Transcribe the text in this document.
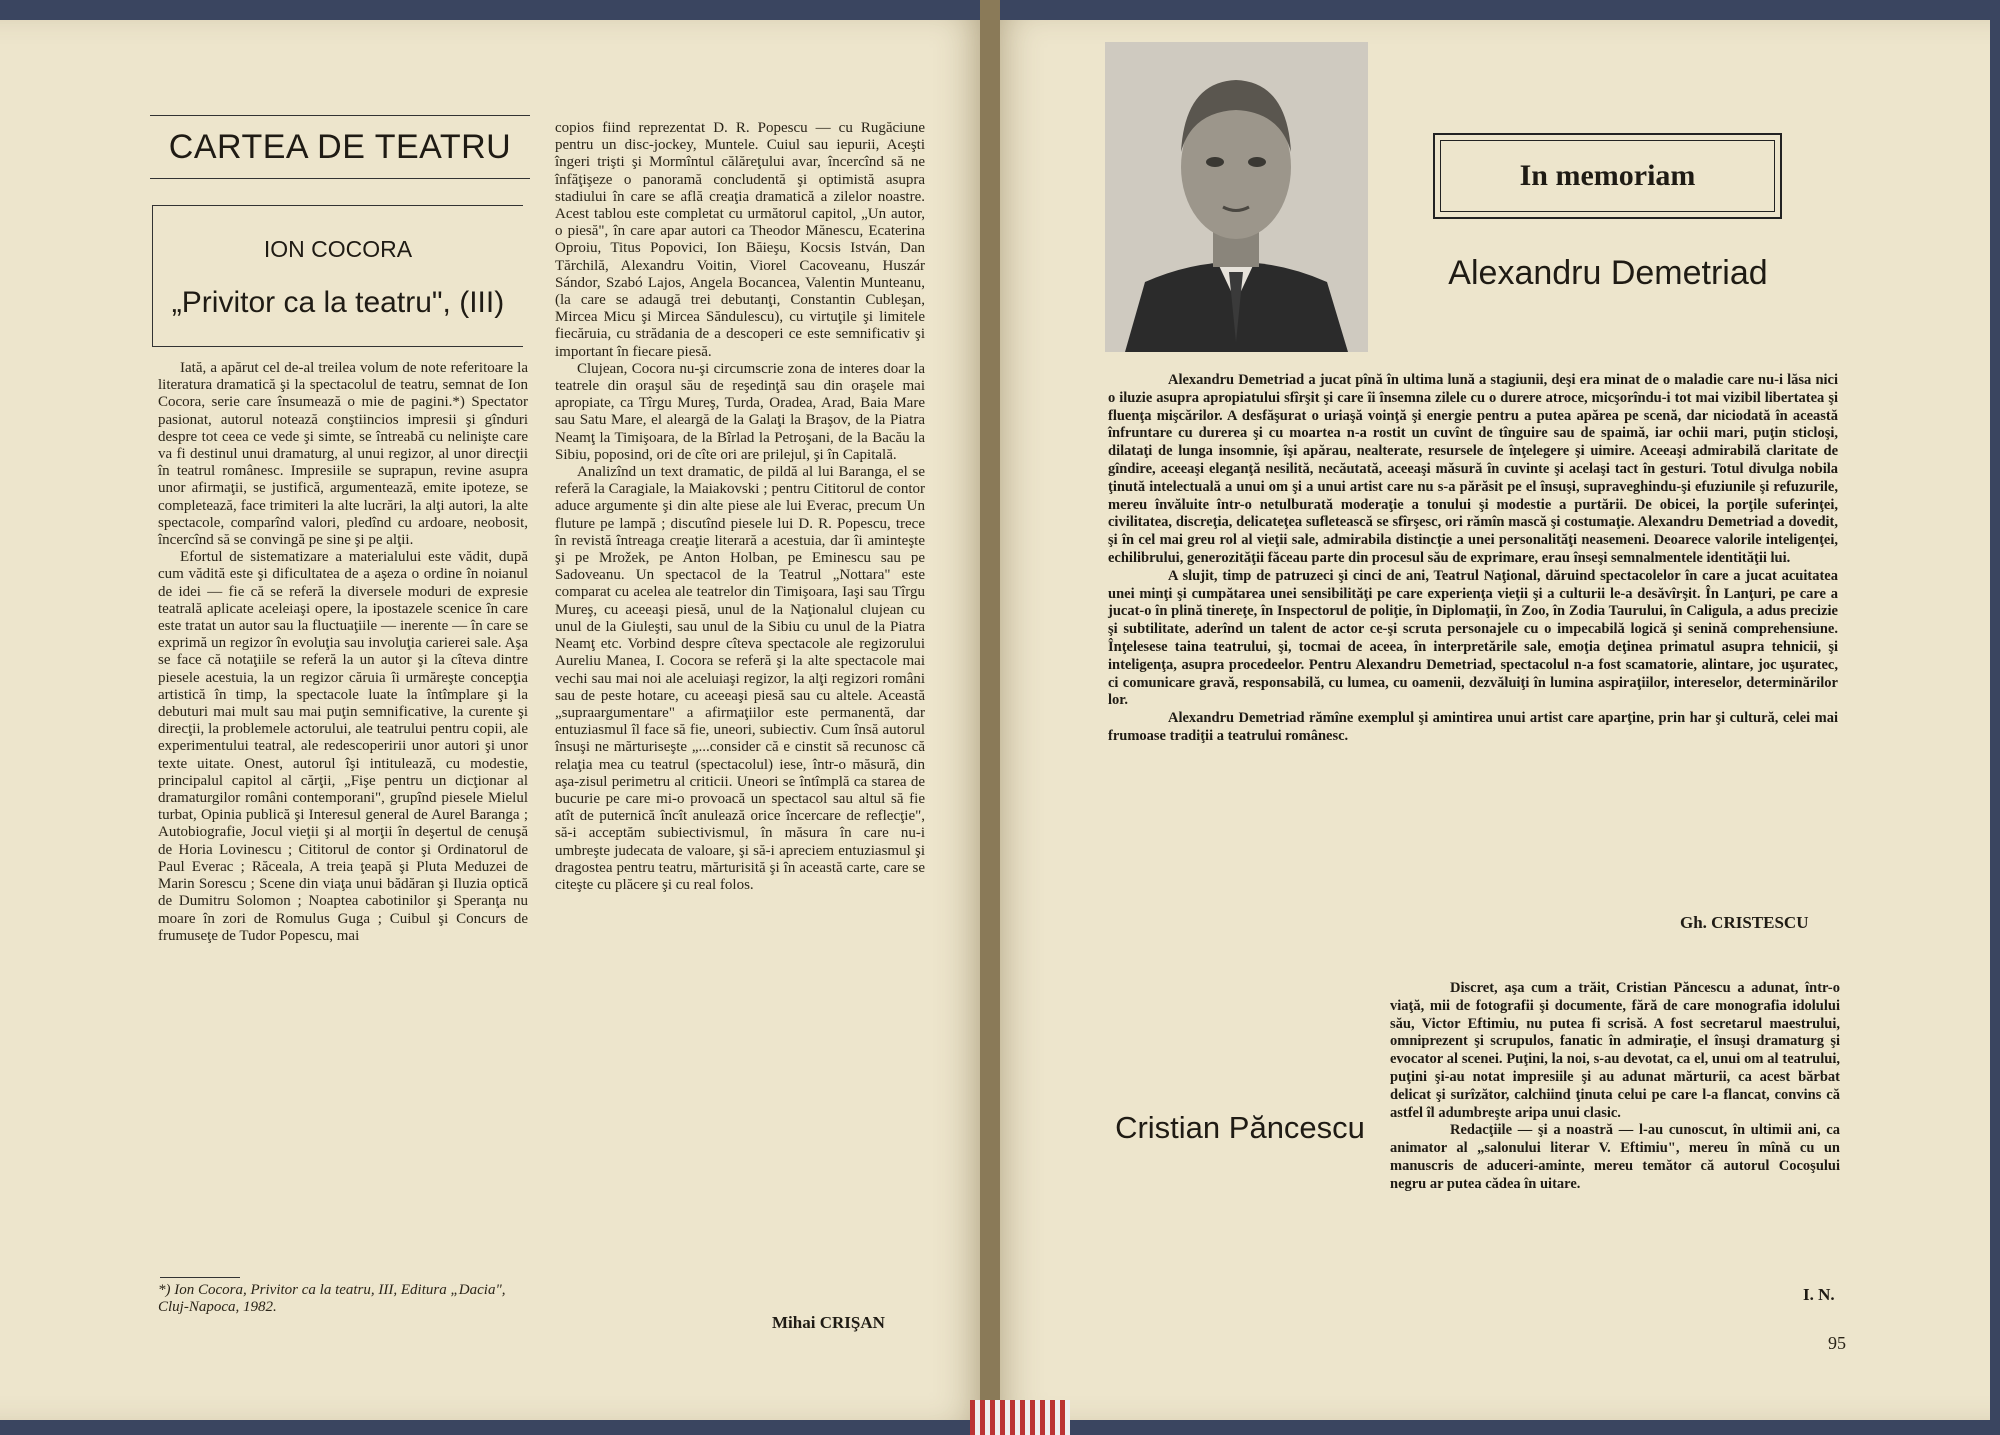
CARTEA DE TEATRU
ION COCORA
„Privitor ca la teatru", (III)

Iată, a apărut cel de-al treilea volum de note referitoare la literatura dramatică şi la spectacolul de teatru, semnat de Ion Cocora, serie care însumează o mie de pagini.*) Spectator pasionat, autorul notează conştiincios impresii şi gînduri despre tot ceea ce vede şi simte, se întreabă cu nelinişte care va fi destinul unui dramaturg, al unui regizor, al unor direcţii în teatrul românesc. Impresiile se suprapun, revine asupra unor afirmaţii, se justifică, argumentează, emite ipoteze, se completează, face trimiteri la alte lucrări, la alţi autori, la alte spectacole, comparînd valori, pledînd cu ardoare, neobosit, încercînd să se convingă pe sine şi pe alţii.

Efortul de sistematizare a materialului este vădit, după cum vădită este şi dificultatea de a aşeza o ordine în noianul de idei — fie că se referă la diversele moduri de expresie teatrală aplicate aceleiaşi opere, la ipostazele scenice în care este tratat un autor sau la fluctuaţiile — inerente — în care se exprimă un regizor în evoluţia sau involuţia carierei sale. Aşa se face că notaţiile se referă la un autor şi la cîteva dintre piesele acestuia, la un regizor căruia îi urmăreşte concepţia artistică în timp, la spectacole luate la întîmplare şi la debuturi mai mult sau mai puţin semnificative, la curente şi direcţii, la problemele actorului, ale teatrului pentru copii, ale experimentului teatral, ale redescoperirii unor autori şi unor texte uitate. Onest, autorul îşi intitulează, cu modestie, principalul capitol al cărţii, „Fişe pentru un dicţionar al dramaturgilor români contemporani", grupînd piesele Mielul turbat, Opinia publică şi Interesul general de Aurel Baranga ; Autobiografie, Jocul vieţii şi al morţii în deşertul de cenuşă de Horia Lovinescu ; Cititorul de contor şi Ordinatorul de Paul Everac ; Răceala, A treia ţeapă şi Pluta Meduzei de Marin Sorescu ; Scene din viaţa unui bădăran şi Iluzia optică de Dumitru Solomon ; Noaptea cabotinilor şi Speranţa nu moare în zori de Romulus Guga ; Cuibul şi Concurs de frumuseţe de Tudor Popescu, mai

*) Ion Cocora, Privitor ca la teatru, III, Editura „Dacia", Cluj-Napoca, 1982.

copios fiind reprezentat D. R. Popescu — cu Rugăciune pentru un disc-jockey, Muntele. Cuiul sau iepurii, Aceşti îngeri trişti şi Mormîntul călăreţului avar, încercînd să ne înfăţişeze o panoramă concludentă şi optimistă asupra stadiului în care se află creaţia dramatică a zilelor noastre. Acest tablou este completat cu următorul capitol, „Un autor, o piesă", în care apar autori ca Theodor Mănescu, Ecaterina Oproiu, Titus Popovici, Ion Băieşu, Kocsis István, Dan Tărchilă, Alexandru Voitin, Viorel Cacoveanu, Huszár Sándor, Szabó Lajos, Angela Bocancea, Valentin Munteanu, (la care se adaugă trei debutanţi, Constantin Cubleşan, Mircea Micu şi Mircea Săndulescu), cu virtuţile şi limitele fiecăruia, cu strădania de a descoperi ce este semnificativ şi important în fiecare piesă.

Clujean, Cocora nu-şi circumscrie zona de interes doar la teatrele din oraşul său de reşedinţă sau din oraşele mai apropiate, ca Tîrgu Mureş, Turda, Oradea, Arad, Baia Mare sau Satu Mare, el aleargă de la Galaţi la Braşov, de la Piatra Neamţ la Timişoara, de la Bîrlad la Petroşani, de la Bacău la Sibiu, poposind, ori de cîte ori are prilejul, şi în Capitală.

Analizînd un text dramatic, de pildă al lui Baranga, el se referă la Caragiale, la Maiakovski ; pentru Cititorul de contor aduce argumente şi din alte piese ale lui Everac, precum Un fluture pe lampă ; discutînd piesele lui D. R. Popescu, trece în revistă întreaga creaţie literară a acestuia, dar îi aminteşte şi pe Mrožek, pe Anton Holban, pe Eminescu sau pe Sadoveanu. Un spectacol de la Teatrul „Nottara" este comparat cu acelea ale teatrelor din Timişoara, Iaşi sau Tîrgu Mureş, cu aceeaşi piesă, unul de la Naţionalul clujean cu unul de la Giuleşti, sau unul de la Sibiu cu unul de la Piatra Neamţ etc. Vorbind despre cîteva spectacole ale regizorului Aureliu Manea, I. Cocora se referă şi la alte spectacole mai vechi sau mai noi ale aceluiaşi regizor, la alţi regizori români sau de peste hotare, cu aceeaşi piesă sau cu altele. Această „supraargumentare" a afirmaţiilor este permanentă, dar entuziasmul îl face să fie, uneori, subiectiv. Cum însă autorul însuşi ne mărturiseşte „...consider că e cinstit să recunosc că relaţia mea cu teatrul (spectacolul) iese, într-o măsură, din aşa-zisul perimetru al criticii. Uneori se întîmplă ca starea de bucurie pe care mi-o provoacă un spectacol sau altul să fie atît de puternică încît anulează orice încercare de reflecţie", să-i acceptăm subiectivismul, în măsura în care nu-i umbreşte judecata de valoare, şi să-i apreciem entuziasmul şi dragostea pentru teatru, mărturisită şi în această carte, care se citeşte cu plăcere şi cu real folos.

Mihai CRIŞAN
In memoriam
Alexandru Demetriad

Alexandru Demetriad a jucat pînă în ultima lună a stagiunii, deşi era minat de o maladie care nu-i lăsa nici o iluzie asupra apropiatului sfîrşit şi care îi însemna zilele cu o durere atroce, micşorîndu-i tot mai vizibil libertatea şi fluenţa mişcărilor. A desfăşurat o uriaşă voinţă şi energie pentru a putea apărea pe scenă, dar niciodată în această înfruntare cu durerea şi cu moartea n-a rostit un cuvînt de tînguire sau de spaimă, iar ochii mari, puţin sticloşi, dilataţi de lunga insomnie, îşi apărau, nealterate, resursele de înţelegere şi uimire. Aceeaşi admirabilă claritate de gîndire, aceeaşi eleganţă nesilită, necăutată, aceeaşi măsură în cuvinte şi acelaşi tact în gesturi. Totul divulga nobila ţinută intelectuală a unui om şi a unui artist care nu s-a părăsit pe el însuşi, supraveghindu-şi efuziunile şi refuzurile, mereu învăluite într-o netulburată moderaţie a tonului şi modestie a purtării. De obicei, la porţile suferinţei, civilitatea, discreţia, delicateţea sufletească se sfîrşesc, ori rămîn mască şi costumaţie. Alexandru Demetriad a dovedit, şi în cel mai greu rol al vieţii sale, admirabila distincţie a unei personalităţi neasemeni. Deoarece valorile inteligenţei, echilibrului, generozităţii făceau parte din procesul său de exprimare, erau înseşi semnalmentele identităţii lui.

A slujit, timp de patruzeci şi cinci de ani, Teatrul Naţional, dăruind spectacolelor în care a jucat acuitatea unei minţi şi cumpătarea unei sensibilităţi pe care experienţa vieţii şi a culturii le-a desăvîrşit. În Lanţuri, pe care a jucat-o în plină tinereţe, în Inspectorul de poliţie, în Diplomaţii, în Zoo, în Zodia Taurului, în Caligula, a adus precizie şi subtilitate, aderînd un talent de actor ce-şi scruta personajele cu o impecabilă logică şi senină comprehensiune. Înţelesese taina teatrului, şi, tocmai de aceea, în interpretările sale, emoţia deţinea primatul asupra tehnicii, şi inteligenţa, asupra procedeelor. Pentru Alexandru Demetriad, spectacolul n-a fost scamatorie, alintare, joc uşuratec, ci comunicare gravă, responsabilă, cu lumea, cu oamenii, dezvăluiţi în lumina aspiraţiilor, intereselor, determinărilor lor.

Alexandru Demetriad rămîne exemplul şi amintirea unui artist care aparţine, prin har şi cultură, celei mai frumoase tradiţii a teatrului românesc.

Gh. CRISTESCU
Cristian Păncescu

Discret, aşa cum a trăit, Cristian Păncescu a adunat, într-o viaţă, mii de fotografii şi documente, fără de care monografia idolului său, Victor Eftimiu, nu putea fi scrisă. A fost secretarul maestrului, omniprezent şi scrupulos, fanatic în admiraţie, el însuşi dramaturg şi evocator al scenei. Puţini, la noi, s-au devotat, ca el, unui om al teatrului, puţini şi-au notat impresiile şi au adunat mărturii, ca acest bărbat delicat şi surîzător, calchiind ţinuta celui pe care l-a flancat, convins că astfel îl adumbreşte aripa unui clasic.

Redacţiile — şi a noastră — l-au cunoscut, în ultimii ani, ca animator al „salonului literar V. Eftimiu", mereu în mînă cu un manuscris de aduceri-aminte, mereu temător că autorul Cocoşului negru ar putea cădea în uitare.

I. N.
95
